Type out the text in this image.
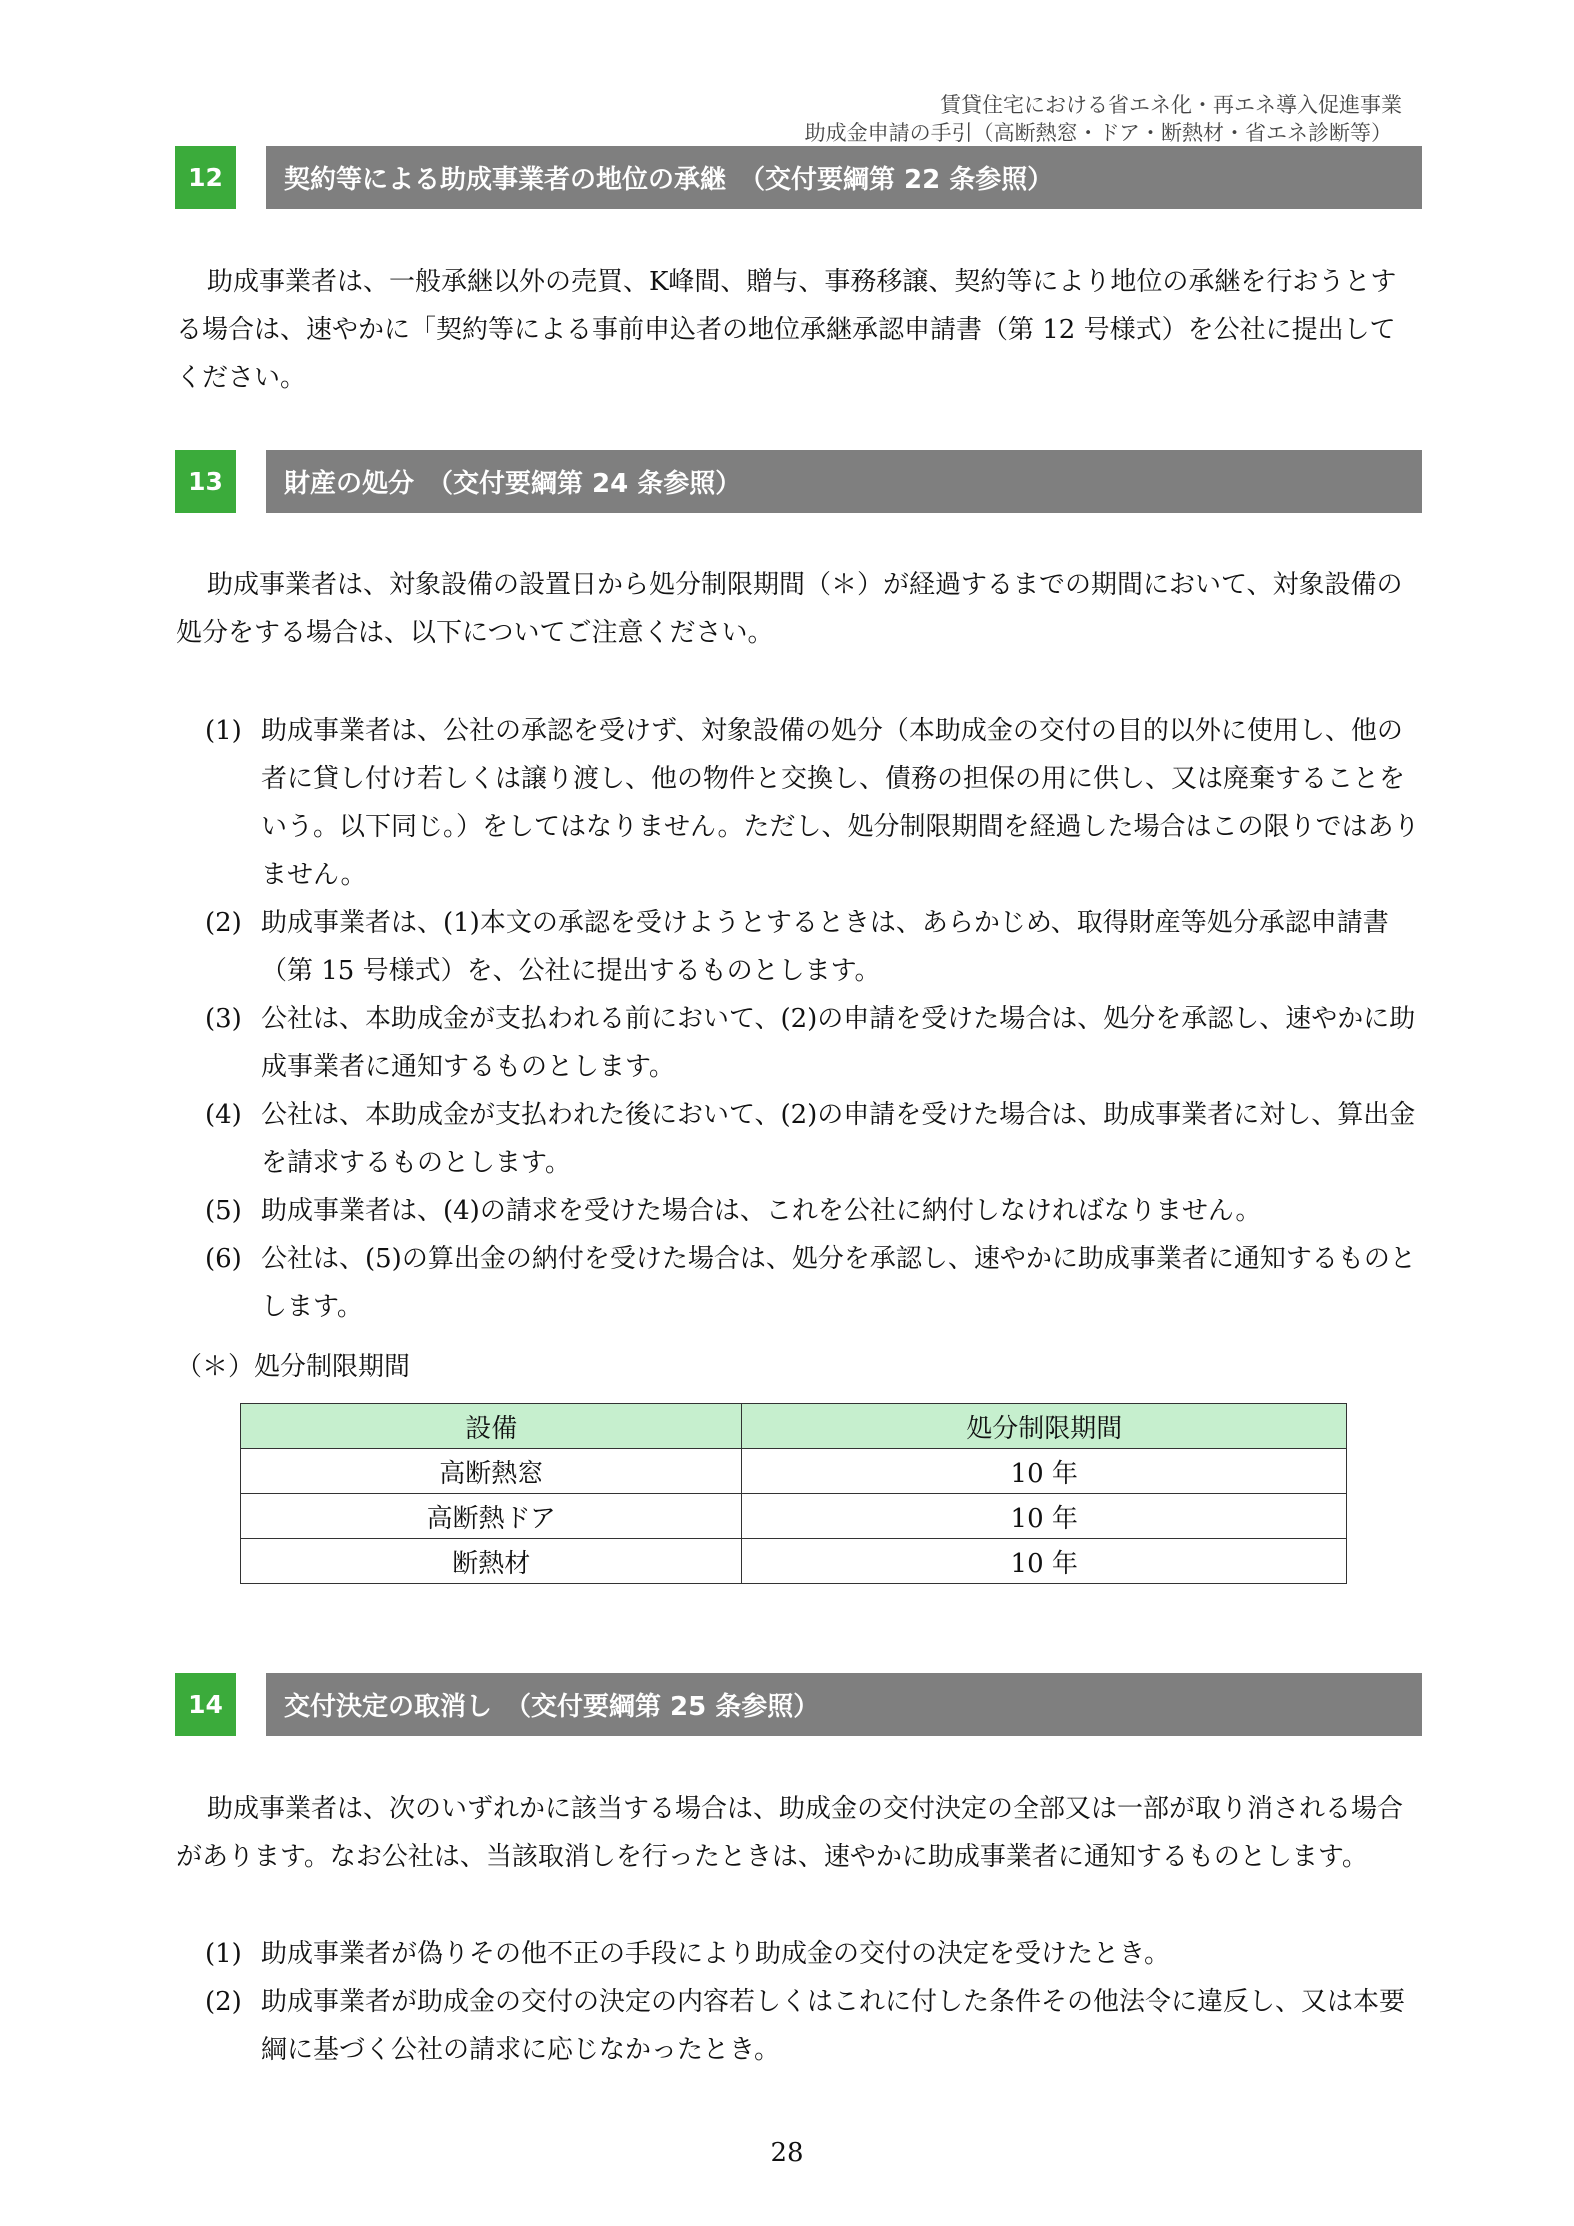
賃貸住宅における省エネ化・再エネ導入促進事業
助成金申請の手引（高断熱窓・ドア・断熱材・省エネ診断等）
12	契約等による助成事業者の地位の承継　（交付要綱第 22 条参照）

助成事業者は、一般承継以外の売買、K峰間、贈与、事務移譲、契約等により地位の承継を行おうとする場合は、速やかに「契約等による事前申込者の地位承継承認申請書（第 12 号様式）を公社に提出してください。

13	財産の処分　（交付要綱第 24 条参照）

助成事業者は、対象設備の設置日から処分制限期間（＊）が経過するまでの期間において、対象設備の処分をする場合は、以下についてご注意ください。

(1) 助成事業者は、公社の承認を受けず、対象設備の処分（本助成金の交付の目的以外に使用し、他の者に貸し付け若しくは譲り渡し、他の物件と交換し、債務の担保の用に供し、又は廃棄することをいう。以下同じ。）をしてはなりません。ただし、処分制限期間を経過した場合はこの限りではありません。
(2) 助成事業者は、(1)本文の承認を受けようとするときは、あらかじめ、取得財産等処分承認申請書（第 15 号様式）を、公社に提出するものとします。
(3) 公社は、本助成金が支払われる前において、(2)の申請を受けた場合は、処分を承認し、速やかに助成事業者に通知するものとします。
(4) 公社は、本助成金が支払われた後において、(2)の申請を受けた場合は、助成事業者に対し、算出金を請求するものとします。
(5) 助成事業者は、(4)の請求を受けた場合は、これを公社に納付しなければなりません。
(6) 公社は、(5)の算出金の納付を受けた場合は、処分を承認し、速やかに助成事業者に通知するものとします。

（＊）処分制限期間

設備	処分制限期間
高断熱窓	10 年
高断熱ドア	10 年
断熱材	10 年
14	交付決定の取消し　（交付要綱第 25 条参照）

助成事業者は、次のいずれかに該当する場合は、助成金の交付決定の全部又は一部が取り消される場合があります。なお公社は、当該取消しを行ったときは、速やかに助成事業者に通知するものとします。

(1) 助成事業者が偽りその他不正の手段により助成金の交付の決定を受けたとき。
(2) 助成事業者が助成金の交付の決定の内容若しくはこれに付した条件その他法令に違反し、又は本要綱に基づく公社の請求に応じなかったとき。
28
